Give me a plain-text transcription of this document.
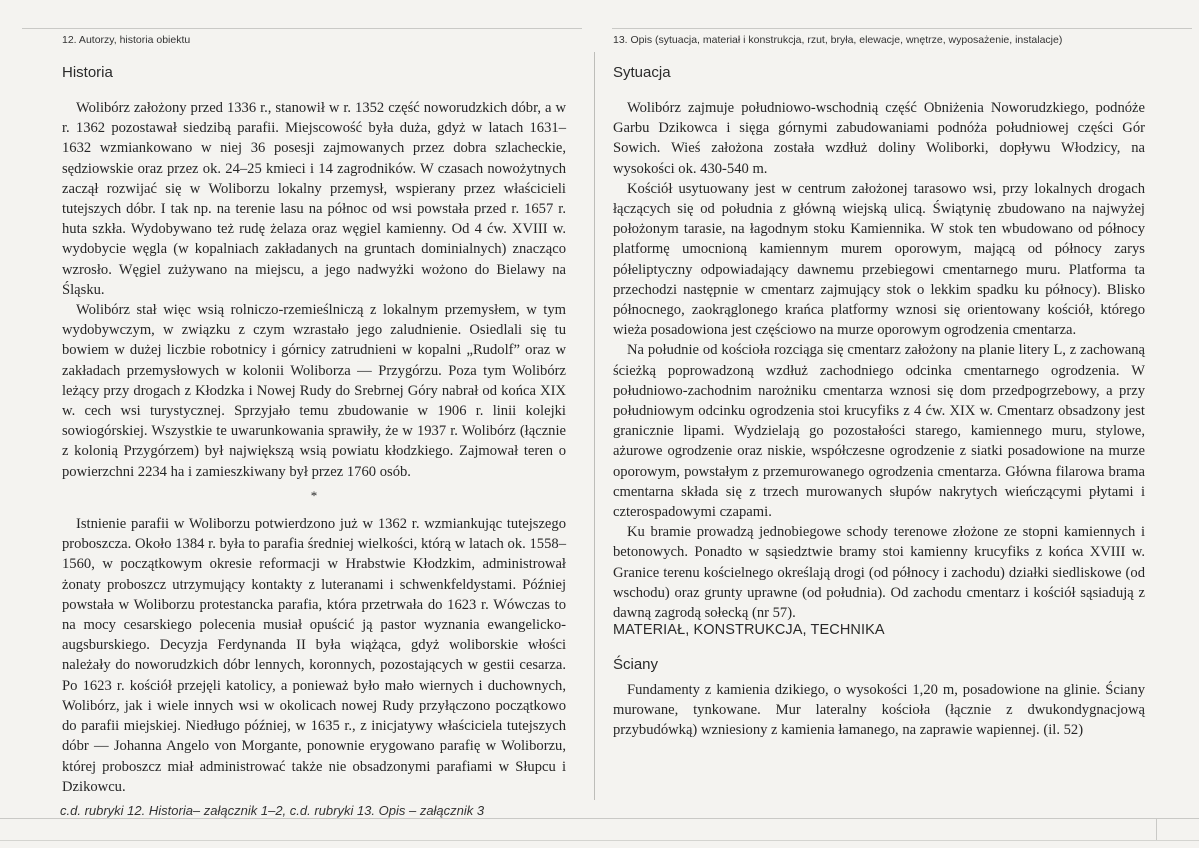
12. Autorzy, historia obiektu
Historia

Wolibórz założony przed 1336 r., stanowił w r. 1352 część noworudzkich dóbr, a w r. 1362 pozostawał siedzibą parafii. Miejscowość była duża, gdyż w latach 1631–1632 wzmiankowano w niej 36 posesji zajmowanych przez dobra szlacheckie, sędziowskie oraz przez ok. 24–25 kmieci i 14 zagrodników. W czasach nowożytnych zaczął rozwijać się w Woliborzu lokalny przemysł, wspierany przez właścicieli tutejszych dóbr. I tak np. na terenie lasu na północ od wsi powstała przed r. 1657 r. huta szkła. Wydobywano też rudę żelaza oraz węgiel kamienny. Od 4 ćw. XVIII w. wydobycie węgla (w kopalniach zakładanych na gruntach dominialnych) znacząco wzrosło. Węgiel zużywano na miejscu, a jego nadwyżki wożono do Bielawy na Śląsku.

Wolibórz stał więc wsią rolniczo-rzemieślniczą z lokalnym przemysłem, w tym wydobywczym, w związku z czym wzrastało jego zaludnienie. Osiedlali się tu bowiem w dużej liczbie robotnicy i górnicy zatrudnieni w kopalni „Rudolf” oraz w zakładach przemysłowych w kolonii Woliborza — Przygórzu. Poza tym Wolibórz leżący przy drogach z Kłodzka i Nowej Rudy do Srebrnej Góry nabrał od końca XIX w. cech wsi turystycznej. Sprzyjało temu zbudowanie w 1906 r. linii kolejki sowiogórskiej. Wszystkie te uwarunkowania sprawiły, że w 1937 r. Wolibórz (łącznie z kolonią Przygórzem) był największą wsią powiatu kłodzkiego. Zajmował teren o powierzchni 2234 ha i zamieszkiwany był przez 1760 osób.

*

Istnienie parafii w Woliborzu potwierdzono już w 1362 r. wzmiankując tutejszego proboszcza. Około 1384 r. była to parafia średniej wielkości, którą w latach ok. 1558–1560, w początkowym okresie reformacji w Hrabstwie Kłodzkim, administrował żonaty proboszcz utrzymujący kontakty z luteranami i schwenkfeldystami. Później powstała w Woliborzu protestancka parafia, która przetrwała do 1623 r. Wówczas to na mocy cesarskiego polecenia musiał opuścić ją pastor wyznania ewangelicko-augsburskiego. Decyzja Ferdynanda II była wiążąca, gdyż woliborskie włości należały do noworudzkich dóbr lennych, koronnych, pozostających w gestii cesarza. Po 1623 r. kościół przejęli katolicy, a ponieważ było mało wiernych i duchownych, Wolibórz, jak i wiele innych wsi w okolicach nowej Rudy przyłączono początkowo do parafii miejskiej. Niedługo później, w 1635 r., z inicjatywy właściciela tutejszych dóbr — Johanna Angelo von Morgante, ponownie erygowano parafię w Woliborzu, której proboszcz miał administrować także nie obsadzonymi parafiami w Słupcu i Dzikowcu.

13. Opis (sytuacja, materiał i konstrukcja, rzut, bryła, elewacje, wnętrze, wyposażenie, instalacje)
Sytuacja

Wolibórz zajmuje południowo-wschodnią część Obniżenia Noworudzkiego, podnóże Garbu Dzikowca i sięga górnymi zabudowaniami podnóża południowej części Gór Sowich. Wieś założona została wzdłuż doliny Woliborki, dopływu Włodzicy, na wysokości ok. 430-540 m.

Kościół usytuowany jest w centrum założonej tarasowo wsi, przy lokalnych drogach łączących się od południa z główną wiejską ulicą. Świątynię zbudowano na najwyżej położonym tarasie, na łagodnym stoku Kamiennika. W stok ten wbudowano od północy platformę umocnioną kamiennym murem oporowym, mającą od północy zarys półeliptyczny odpowiadający dawnemu przebiegowi cmentarnego muru. Platforma ta przechodzi następnie w cmentarz zajmujący stok o lekkim spadku ku północy). Blisko północnego, zaokrąglonego krańca platformy wznosi się orientowany kościół, którego wieża posadowiona jest częściowo na murze oporowym ogrodzenia cmentarza.

Na południe od kościoła rozciąga się cmentarz założony na planie litery L, z zachowaną ścieżką poprowadzoną wzdłuż zachodniego odcinka cmentarnego ogrodzenia. W południowo-zachodnim narożniku cmentarza wznosi się dom przedpogrzebowy, a przy południowym odcinku ogrodzenia stoi krucyfiks z 4 ćw. XIX w. Cmentarz obsadzony jest granicznie lipami. Wydzielają go pozostałości starego, kamiennego muru, stylowe, ażurowe ogrodzenie oraz niskie, współczesne ogrodzenie z siatki posadowione na murze oporowym, powstałym z przemurowanego ogrodzenia cmentarza. Główna filarowa brama cmentarna składa się z trzech murowanych słupów nakrytych wieńczącymi płytami i czterospadowymi czapami.

Ku bramie prowadzą jednobiegowe schody terenowe złożone ze stopni kamiennych i betonowych. Ponadto w sąsiedztwie bramy stoi kamienny krucyfiks z końca XVIII w. Granice terenu kościelnego określają drogi (od północy i zachodu) działki siedliskowe (od wschodu) oraz grunty uprawne (od południa). Od zachodu cmentarz i kościół sąsiadują z dawną zagrodą sołecką (nr 57).

MATERIAŁ, KONSTRUKCJA, TECHNIKA
Ściany

Fundamenty z kamienia dzikiego, o wysokości 1,20 m, posadowione na glinie. Ściany murowane, tynkowane. Mur lateralny kościoła (łącznie z dwukondygnacjową przybudówką) wzniesiony z kamienia łamanego, na zaprawie wapiennej. (il. 52)

c.d. rubryki 12. Historia– załącznik 1–2, c.d. rubryki 13. Opis – załącznik 3
